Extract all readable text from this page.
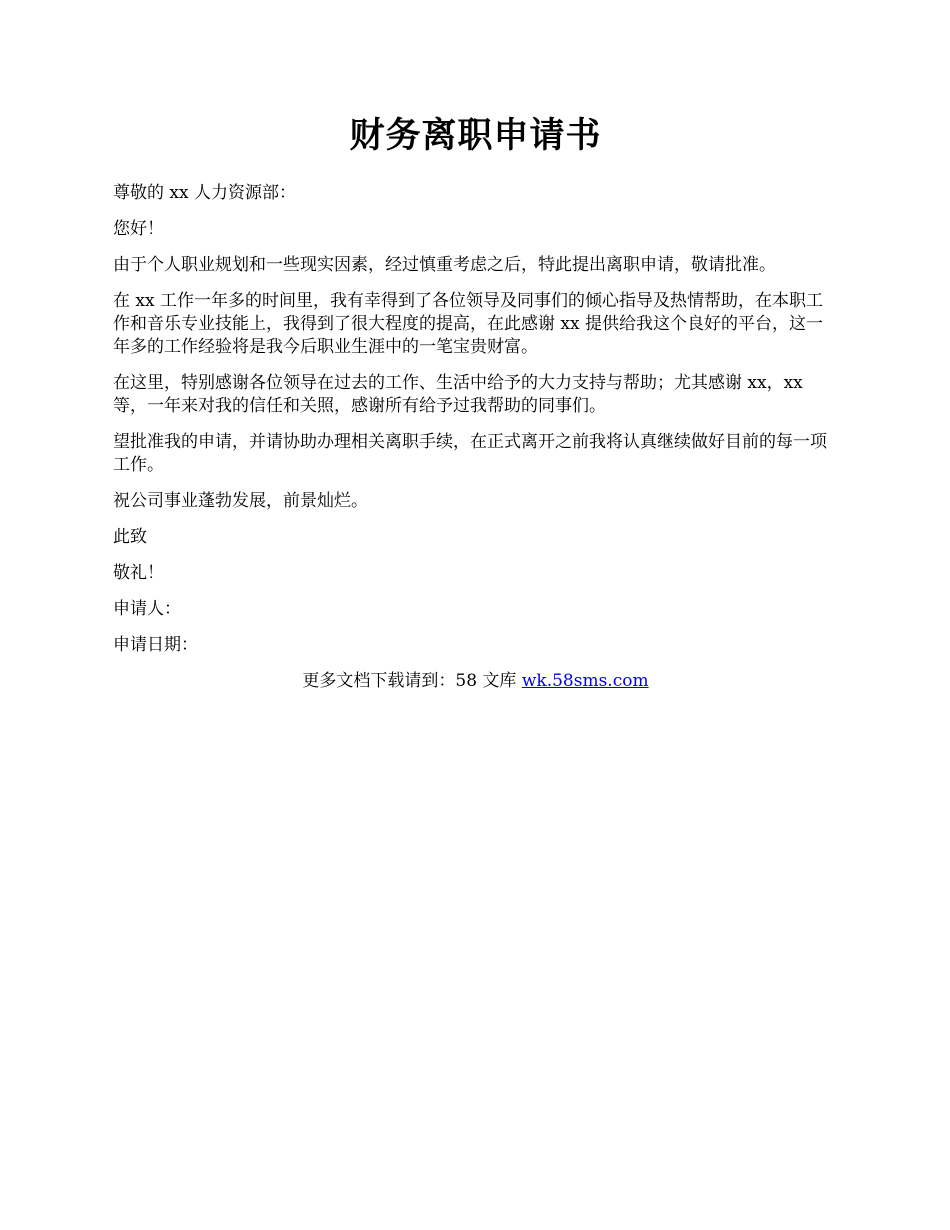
财务离职申请书

尊敬的 xx 人力资源部：

您好！

由于个人职业规划和一些现实因素，经过慎重考虑之后，特此提出离职申请，敬请批准。

在 xx 工作一年多的时间里，我有幸得到了各位领导及同事们的倾心指导及热情帮助，在本职工作和音乐专业技能上，我得到了很大程度的提高，在此感谢 xx 提供给我这个良好的平台，这一年多的工作经验将是我今后职业生涯中的一笔宝贵财富。

在这里，特别感谢各位领导在过去的工作、生活中给予的大力支持与帮助；尤其感谢 xx，xx 等，一年来对我的信任和关照，感谢所有给予过我帮助的同事们。

望批准我的申请，并请协助办理相关离职手续，在正式离开之前我将认真继续做好目前的每一项工作。

祝公司事业蓬勃发展，前景灿烂。

此致

敬礼！

申请人：

申请日期：

更多文档下载请到：58 文库 wk.58sms.com
